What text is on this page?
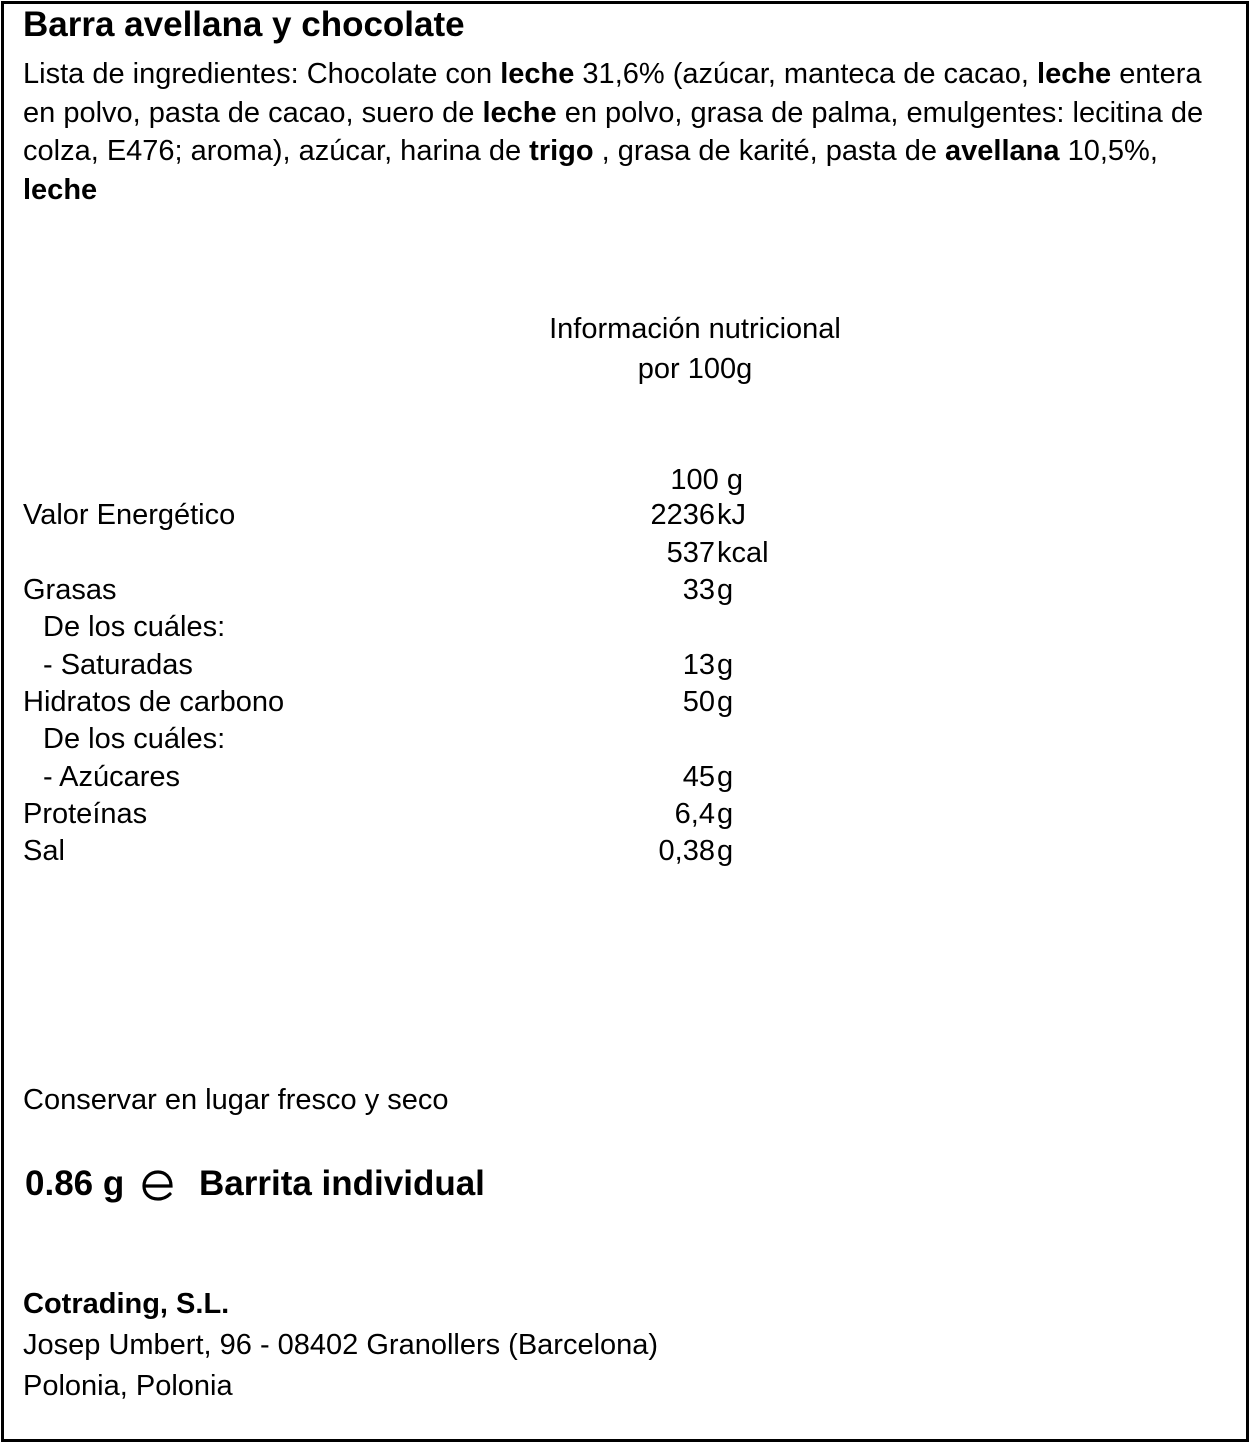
Barra avellana y chocolate
Lista de ingredientes: Chocolate con leche 31,6% (azúcar, manteca de cacao, leche entera en polvo, pasta de cacao, suero de leche en polvo, grasa de palma, emulgentes: lecitina de colza, E476; aroma), azúcar, harina de trigo , grasa de karité, pasta de avellana 10,5%, leche
Información nutricional
por 100g
100 g
Valor Energético	2236 kJ
537 kcal
Grasas	33 g
De los cuáles:
- Saturadas	13 g
Hidratos de carbono	50 g
De los cuáles:
- Azúcares	45 g
Proteínas	6,4 g
Sal	0,38 g
Conservar en lugar fresco y seco
0.86 g Barrita individual
Cotrading, S.L.
Josep Umbert, 96 - 08402 Granollers (Barcelona)
Polonia, Polonia
